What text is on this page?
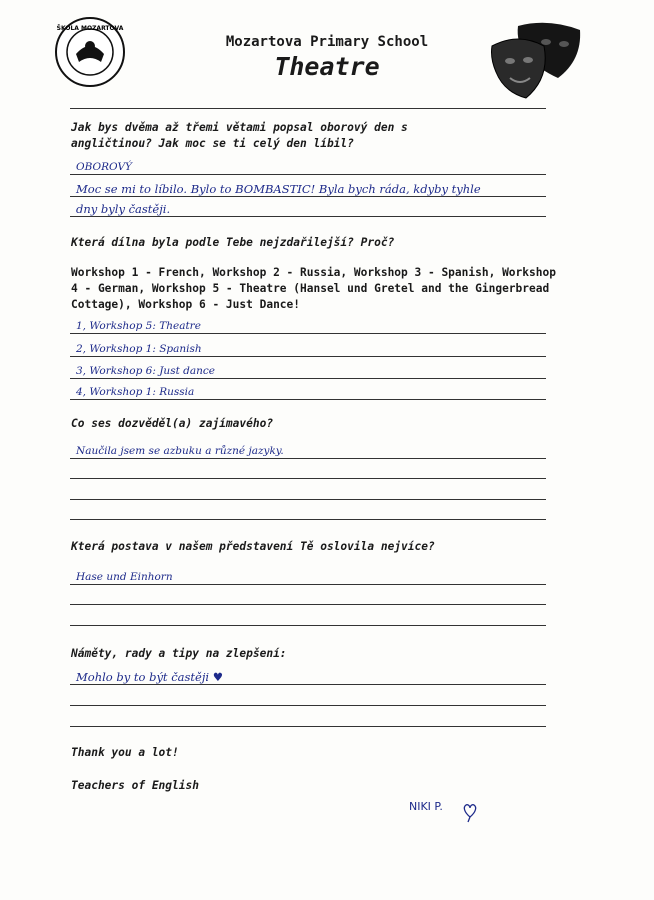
ŠKOLA MOZARTOVA
Mozartova Primary School
Theatre
Jak bys dvěma až třemi větami popsal oborový den s
angličtinou? Jak moc se ti celý den líbil?
OBOROVÝ
Moc se mi to líbilo. Bylo to BOMBASTIC! Byla bych ráda, kdyby tyhle
dny byly častěji.
Která dílna byla podle Tebe nejzdařilejší? Proč?
Workshop 1 - French, Workshop 2 - Russia, Workshop 3 - Spanish, Workshop 4 - German, Workshop 5 - Theatre (Hansel und Gretel and the Gingerbread Cottage), Workshop 6 - Just Dance!
1, Workshop 5: Theatre
2, Workshop 1: Spanish
3, Workshop 6: Just dance
4, Workshop 1: Russia
Co ses dozvěděl(a) zajímavého?
Naučila jsem se azbuku a různé jazyky.
Která postava v našem představení Tě oslovila nejvíce?
Hase und Einhorn
Náměty, rady a tipy na zlepšení:
Mohlo by to být častěji ♥
Thank you a lot!
Teachers of English
NIKI P.
